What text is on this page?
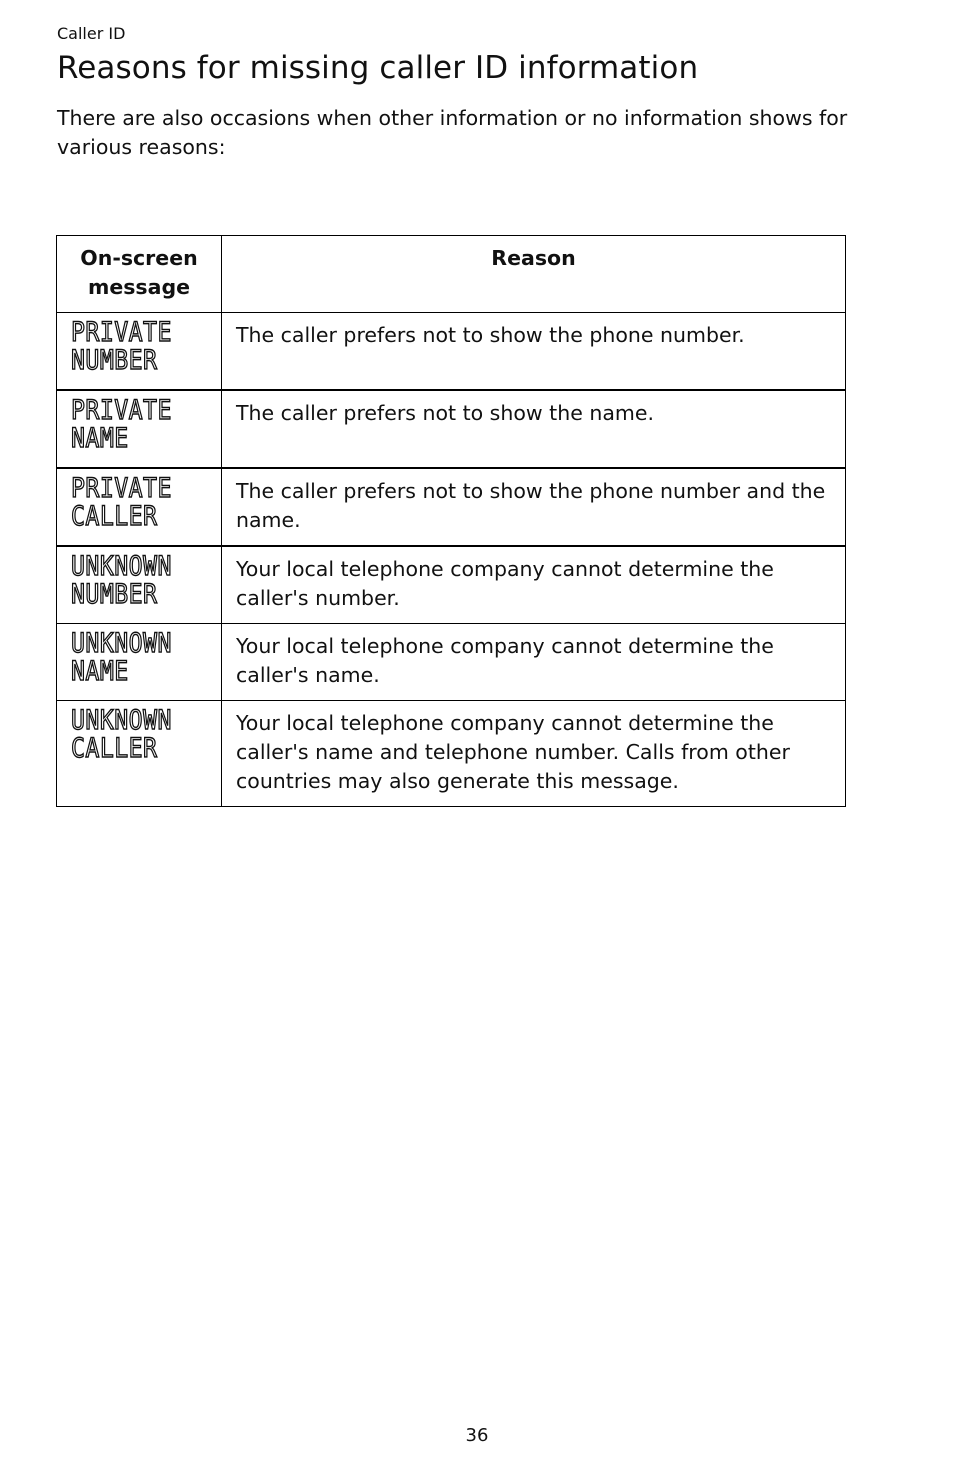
Caller ID
Reasons for missing caller ID information

There are also occasions when other information or no information shows for various reasons:

On-screen message	Reason

PRIVATE
NUMBER	The caller prefers not to show the phone number.

PRIVATE
NAME	The caller prefers not to show the name.

PRIVATE
CALLER	The caller prefers not to show the phone number and the name.

UNKNOWN
NUMBER	Your local telephone company cannot determine the caller's number.

UNKNOWN
NAME	Your local telephone company cannot determine the caller's name.

UNKNOWN
CALLER	Your local telephone company cannot determine the caller's name and telephone number. Calls from other countries may also generate this message.
36
